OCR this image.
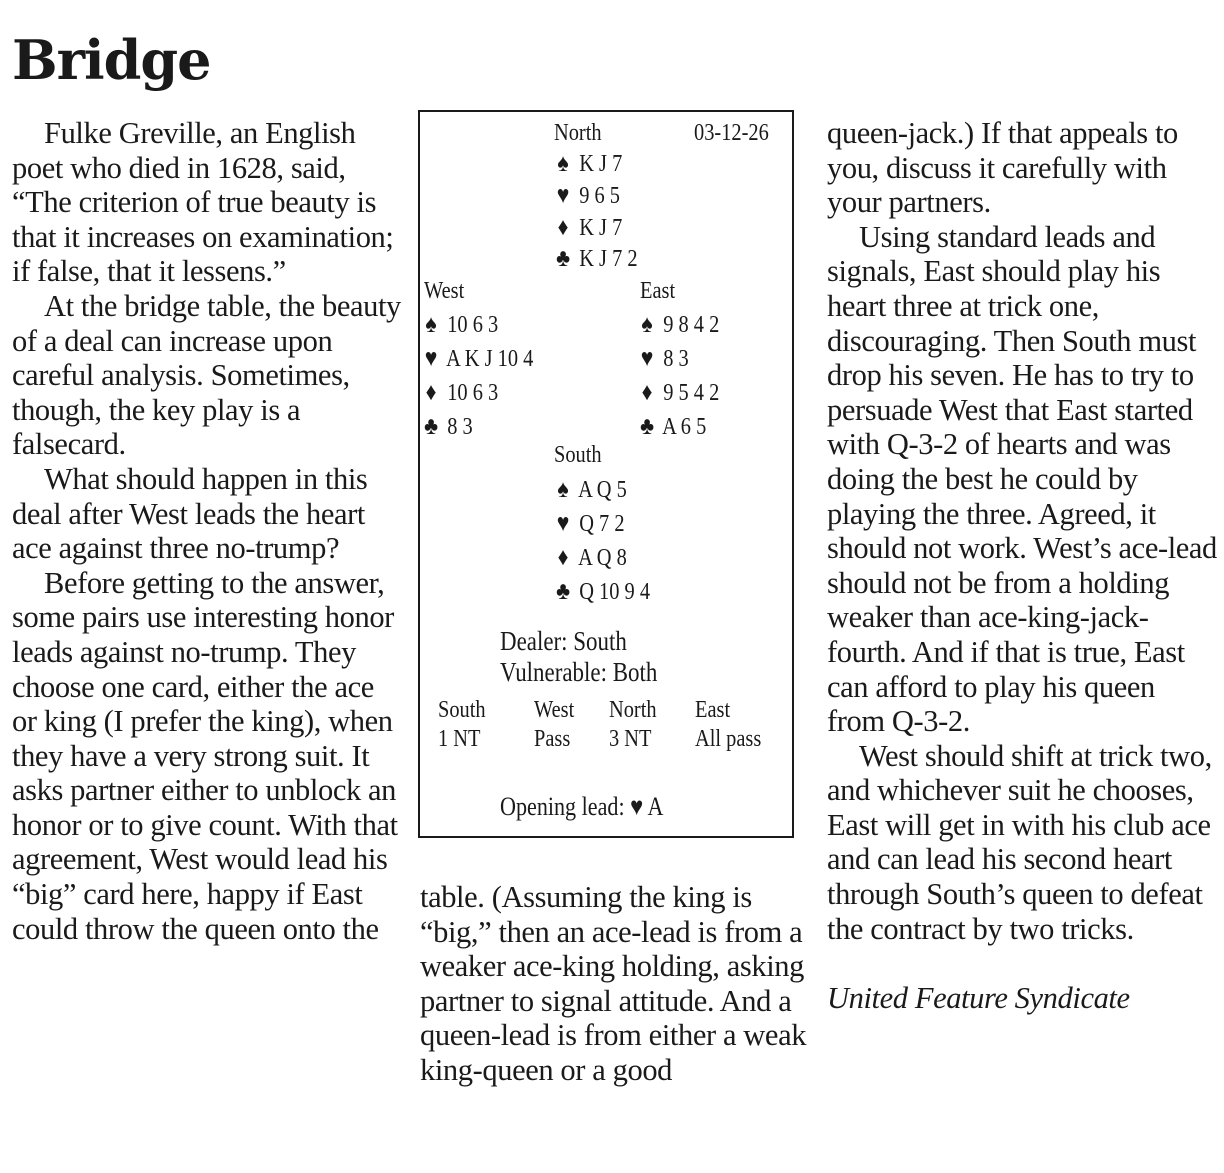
Bridge

Fulke Greville, an English poet who died in 1628, said, “The criterion of true beauty is that it increases on examination; if false, that it lessens.”

At the bridge table, the beauty of a deal can increase upon careful analysis. Sometimes, though, the key play is a falsecard.

What should happen in this deal after West leads the heart ace against three no-trump?

Before getting to the answer, some pairs use interesting honor leads against no-trump. They choose one card, either the ace or king (I prefer the king), when they have a very strong suit. It asks partner either to unblock an honor or to give count. With that agreement, West would lead his “big” card here, happy if East could throw the queen onto the

03-12-26
North
♠ K J 7
♥ 9 6 5
♦ K J 7
♣ K J 7 2
West
♠ 10 6 3
♥ A K J 10 4
♦ 10 6 3
♣ 8 3
East
♠ 9 8 4 2
♥ 8 3
♦ 9 5 4 2
♣ A 6 5
South
♠ A Q 5
♥ Q 7 2
♦ A Q 8
♣ Q 10 9 4
Dealer: South
Vulnerable: Both
South West North East
1 NT Pass 3 NT All pass
Opening lead: ♥ A

table. (Assuming the king is “big,” then an ace-lead is from a weaker ace-king holding, asking partner to signal attitude. And a queen-lead is from either a weak king-queen or a good

queen-jack.) If that appeals to you, discuss it carefully with your partners.

Using standard leads and signals, East should play his heart three at trick one, discouraging. Then South must drop his seven. He has to try to persuade West that East started with Q-3-2 of hearts and was doing the best he could by playing the three. Agreed, it should not work. West’s ace-lead should not be from a holding weaker than ace-king-jack-fourth. And if that is true, East can afford to play his queen from Q-3-2.

West should shift at trick two, and whichever suit he chooses, East will get in with his club ace and can lead his second heart through South’s queen to defeat the contract by two tricks.

United Feature Syndicate
